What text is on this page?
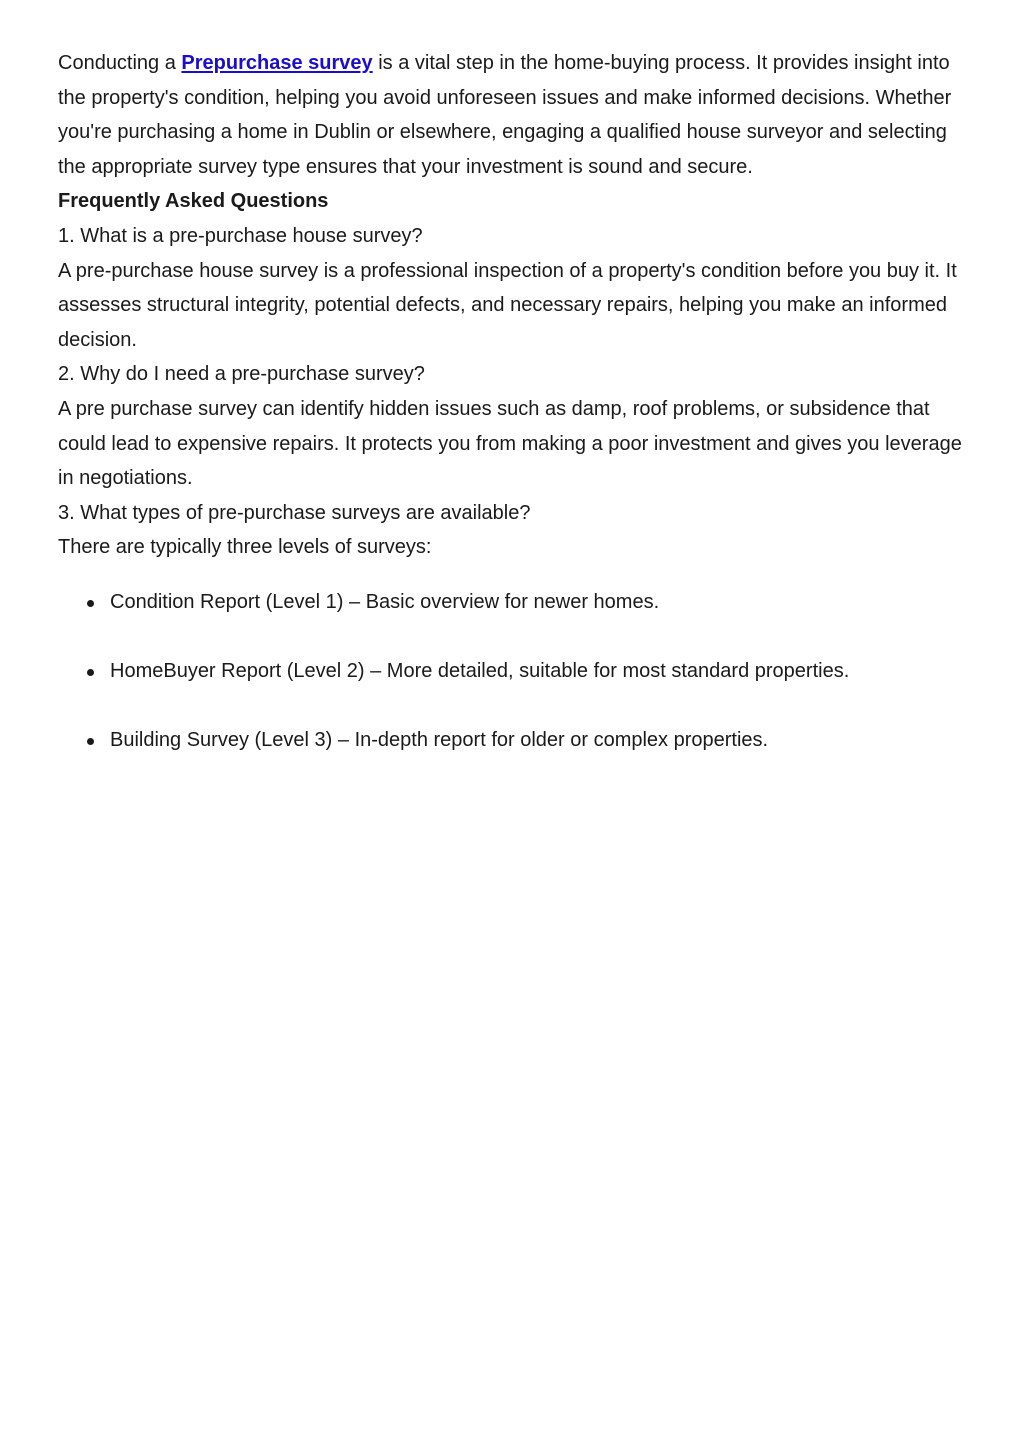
Conducting a Prepurchase survey is a vital step in the home-buying process. It provides insight into the property's condition, helping you avoid unforeseen issues and make informed decisions. Whether you're purchasing a home in Dublin or elsewhere, engaging a qualified house surveyor and selecting the appropriate survey type ensures that your investment is sound and secure.

Frequently Asked Questions

1. What is a pre-purchase house survey?

A pre-purchase house survey is a professional inspection of a property's condition before you buy it. It assesses structural integrity, potential defects, and necessary repairs, helping you make an informed decision.

2. Why do I need a pre-purchase survey?

A pre purchase survey can identify hidden issues such as damp, roof problems, or subsidence that could lead to expensive repairs. It protects you from making a poor investment and gives you leverage in negotiations.

3. What types of pre-purchase surveys are available?

There are typically three levels of surveys:

Condition Report (Level 1) – Basic overview for newer homes.
HomeBuyer Report (Level 2) – More detailed, suitable for most standard properties.
Building Survey (Level 3) – In-depth report for older or complex properties.
